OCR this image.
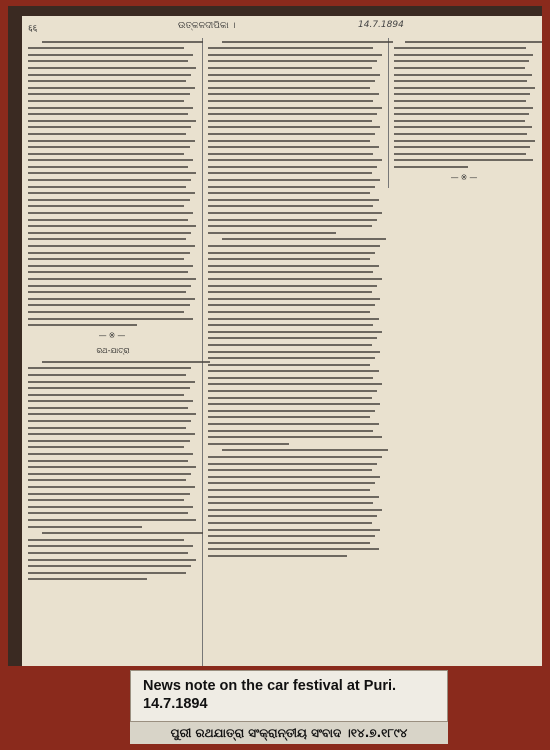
६६	ଉତ୍କଳଦୀପିକା ।	14.7.1894
—※—
ରଥ-ଯାତ୍ରା
—※—
News note on the car festival at Puri. 14.7.1894
ପୁରୀ ରଥଯାତ୍ରା ସଂକ୍ରାନ୍ତୀୟ ସଂବାଦ ।୧୪.୭.୧୮୯୪
